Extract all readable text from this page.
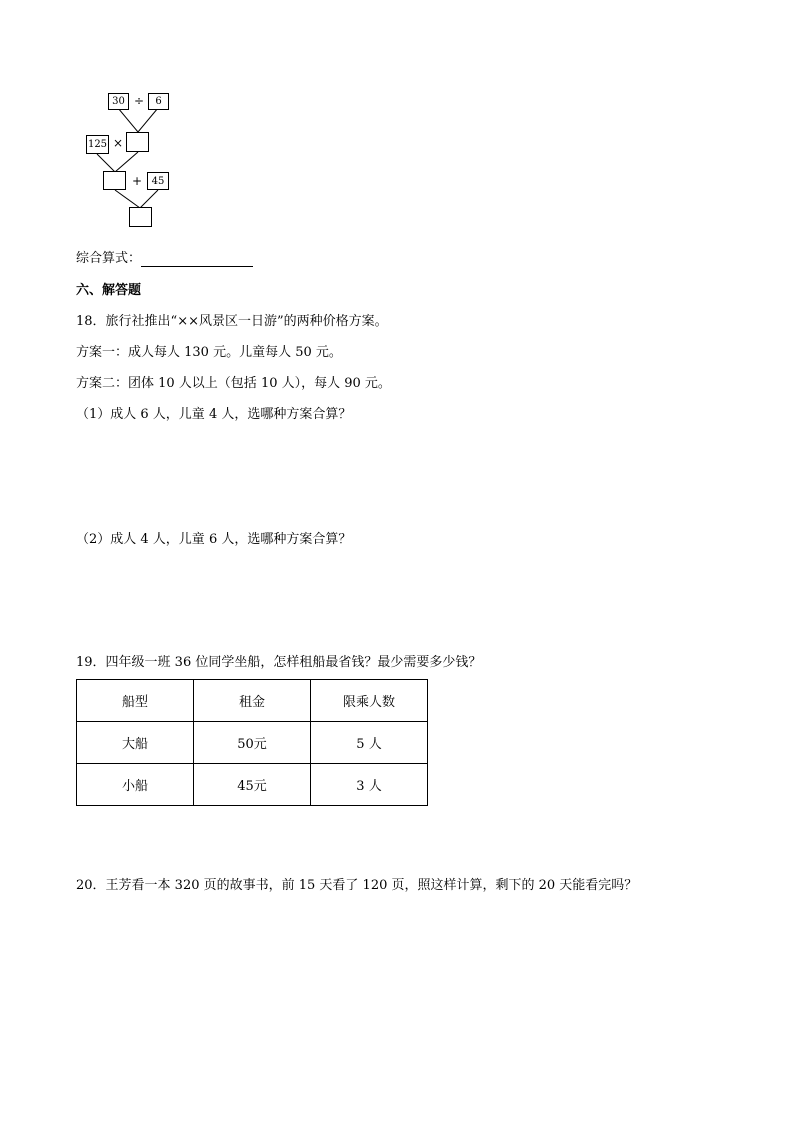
30 ÷	6
125 ×
+ 45
综合算式：
六、解答题
18．旅行社推出“××风景区一日游”的两种价格方案。
方案一：成人每人 130 元。儿童每人 50 元。
方案二：团体 10 人以上（包括 10 人），每人 90 元。
（1）成人 6 人，儿童 4 人，选哪种方案合算？
（2）成人 4 人，儿童 6 人，选哪种方案合算？
19．四年级一班 36 位同学坐船，怎样租船最省钱？最少需要多少钱？
船型	租金	限乘人数
大船	50元	5 人
小船	45元	3 人
20．王芳看一本 320 页的故事书，前 15 天看了 120 页，照这样计算，剩下的 20 天能看完吗？
